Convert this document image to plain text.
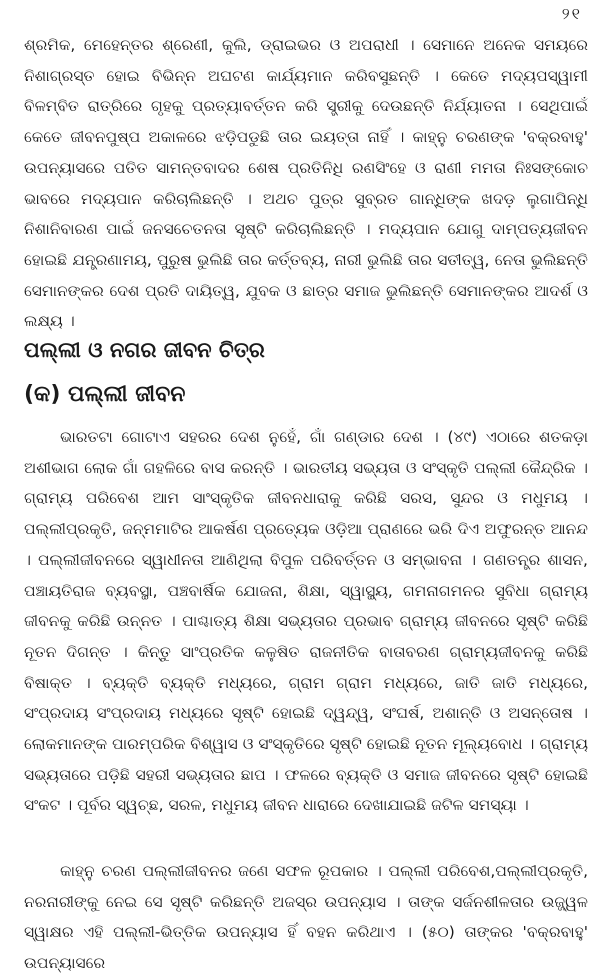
୨୧

ଶ୍ରମିକ, ମେହେନ୍ତର ଶ୍ରେଣୀ, କୁଲି, ଡ୍ରାଇଭର ଓ ଅପରାଧୀ । ସେମାନେ ଅନେକ ସମୟରେ ନିଶାଗ୍ରସ୍ତ ହୋଇ ବିଭିନ୍ନ ଅଘଟଣ କାର୍ଯ୍ୟମାନ କରିବସୁଛନ୍ତି । କେତେ ମଦ୍ୟପସ୍ୱାମୀ ବିଳମ୍ବିତ ରାତ୍ରିରେ ଗୃହକୁ ପ୍ରତ୍ୟାବର୍ତ୍ତନ କରି ସ୍ତ୍ରୀକୁ ଦେଉଛନ୍ତି ନିର୍ଯ୍ୟାତନା । ସେଥିପାଇଁ କେତେ ଜୀବନପୁଷ୍ପ ଅକାଳରେ ଝଡ଼ିପଡୁଛି ତାର ଇୟତ୍ତା ନାହିଁ । କାହ୍ନୁ ଚରଣଙ୍କ 'ବକ୍ରବାହୁ' ଉପନ୍ୟାସରେ ପତିତ ସାମନ୍ତବାଦର ଶେଷ ପ୍ରତିନିଧି ରଣସିଂହେ ଓ ରାଣୀ ମମତା ନିଃସଙ୍କୋଚ ଭାବରେ ମଦ୍ୟପାନ କରିଚାଲିଛନ୍ତି । ଅଥଚ ପୁତ୍ର ସୁବ୍ରତ ଗାନ୍ଧିଙ୍କ ଖଦଡ଼ ଲୁଗାପିନ୍ଧି ନିଶାନିବାରଣ ପାଇଁ ଜନସଚେତନତା ସୃଷ୍ଟି କରିଚାଲିଛନ୍ତି । ମଦ୍ୟପାନ ଯୋଗୁ ଦାମ୍ପତ୍ୟଜୀବନ ହୋଇଛି ଯନ୍ତ୍ରଣାମୟ, ପୁରୁଷ ଭୁଲିଛି ତାର କର୍ତ୍ତବ୍ୟ, ନାରୀ ଭୁଲିଛି ତାର ସତୀତ୍ୱ, ନେତା ଭୁଲିଛନ୍ତି ସେମାନଙ୍କର ଦେଶ ପ୍ରତି ଦାୟିତ୍ୱ, ଯୁବକ ଓ ଛାତ୍ର ସମାଜ ଭୁଲିଛନ୍ତି ସେମାନଙ୍କର ଆଦର୍ଶ ଓ ଲକ୍ଷ୍ୟ ।

ପଲ୍ଲୀ ଓ ନଗର ଜୀବନ ଚିତ୍ର
(କ) ପଲ୍ଲୀ ଜୀବନ

ଭାରତଟା ଗୋଟାଏ ସହରର ଦେଶ ନୁହେଁ, ଗାଁ ଗଣ୍ଡାର ଦେଶ । (୪୯) ଏଠାରେ ଶତକଡ଼ା ଅଶୀଭାଗ ଲୋକ ଗାଁ ଗହଳିରେ ବାସ କରନ୍ତି । ଭାରତୀୟ ସଭ୍ୟତା ଓ ସଂସ୍କୃତି ପଲ୍ଲୀ କୈନ୍ଦ୍ରିକ । ଗ୍ରାମ୍ୟ ପରିବେଶ ଆମ ସାଂସ୍କୃତିକ ଜୀବନଧାରାକୁ କରିଛି ସରସ, ସୁନ୍ଦର ଓ ମଧୁମୟ । ପଲ୍ଲୀପ୍ରକୃତି, ଜନ୍ମମାଟିର ଆକର୍ଷଣ ପ୍ରତ୍ୟେକ ଓଡ଼ିଆ ପ୍ରାଣରେ ଭରି ଦିଏ ଅଫୁରନ୍ତ ଆନନ୍ଦ । ପଲ୍ଲୀଜୀବନରେ ସ୍ୱାଧୀନତା ଆଣିଥିଲା ବିପୁଳ ପରିବର୍ତ୍ତନ ଓ ସମ୍ଭାବନା । ଗଣତନ୍ତ୍ର ଶାସନ, ପଞ୍ଚାୟତିରାଜ ବ୍ୟବସ୍ଥା, ପଞ୍ଚବାର୍ଷିକ ଯୋଜନା, ଶିକ୍ଷା, ସ୍ୱାସ୍ଥ୍ୟ, ଗମନାଗମନର ସୁବିଧା ଗ୍ରାମ୍ୟ ଜୀବନକୁ କରିଛି ଉନ୍ନତ । ପାଶ୍ଚାତ୍ୟ ଶିକ୍ଷା ସଭ୍ୟତାର ପ୍ରଭାବ ଗ୍ରାମ୍ୟ ଜୀବନରେ ସୃଷ୍ଟି କରିଛି ନୂତନ ଦିଗନ୍ତ । କିନ୍ତୁ ସାଂପ୍ରତିକ କଳୁଷିତ ରାଜନୀତିକ ବାତାବରଣ ଗ୍ରାମ୍ୟଜୀବନକୁ କରିଛି ବିଷାକ୍ତ । ବ୍ୟକ୍ତି ବ୍ୟକ୍ତି ମଧ୍ୟରେ, ଗ୍ରାମ ଗ୍ରାମ ମଧ୍ୟରେ, ଜାତି ଜାତି ମଧ୍ୟରେ, ସଂପ୍ରଦାୟ ସଂପ୍ରଦାୟ ମଧ୍ୟରେ ସୃଷ୍ଟି ହୋଇଛି ଦ୍ୱନ୍ଦ୍ୱ, ସଂଘର୍ଷ, ଅଶାନ୍ତି ଓ ଅସନ୍ତୋଷ । ଲୋକମାନଙ୍କ ପାରମ୍ପରିକ ବିଶ୍ୱାସ ଓ ସଂସ୍କୃତିରେ ସୃଷ୍ଟି ହୋଇଛି ନୂତନ ମୂଲ୍ୟବୋଧ । ଗ୍ରାମ୍ୟ ସଭ୍ୟତାରେ ପଡ଼ିଛି ସହରୀ ସଭ୍ୟତାର ଛାପ । ଫଳରେ ବ୍ୟକ୍ତି ଓ ସମାଜ ଜୀବନରେ ସୃଷ୍ଟି ହୋଇଛି ସଂକଟ । ପୂର୍ବର ସ୍ୱଚ୍ଛ, ସରଳ, ମଧୁମୟ ଜୀବନ ଧାରାରେ ଦେଖାଯାଇଛି ଜଟିଳ ସମସ୍ୟା ।

କାହ୍ନୁ ଚରଣ ପଲ୍ଲୀଜୀବନର ଜଣେ ସଫଳ ରୂପକାର । ପଲ୍ଲୀ ପରିବେଶ,ପଲ୍ଲୀପ୍ରକୃତି, ନରନାରୀଙ୍କୁ ନେଇ ସେ ସୃଷ୍ଟି କରିଛନ୍ତି ଅଜସ୍ର ଉପନ୍ୟାସ । ତାଙ୍କ ସର୍ଜନଶୀଳତାର ଉଜ୍ଜ୍ୱଳ ସ୍ୱାକ୍ଷର ଏହି ପଲ୍ଲୀ-ଭିତ୍ତିକ ଉପନ୍ୟାସ ହିଁ ବହନ କରିଥାଏ । (୫୦) ତାଙ୍କର 'ବକ୍ରବାହୁ' ଉପନ୍ୟାସରେ
